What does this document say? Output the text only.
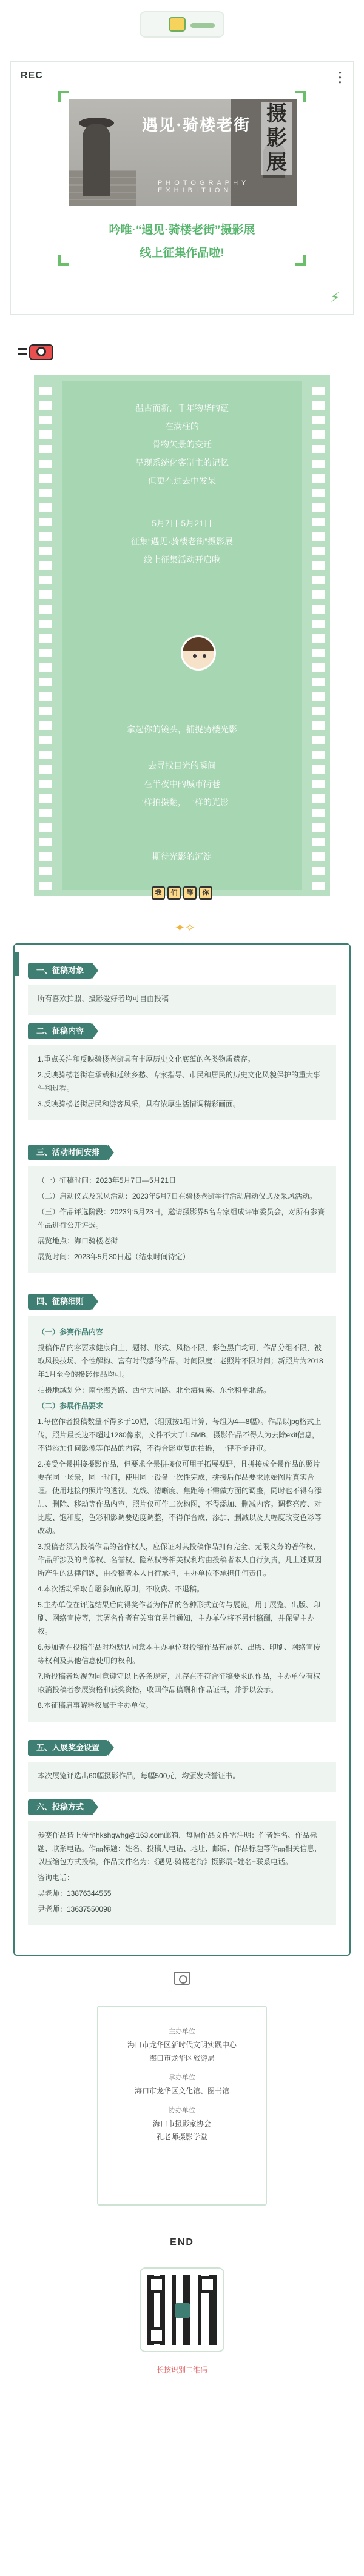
REC	●
●
●
遇见·骑楼老街 摄影展
PHOTOGRAPHY EXHIBITION
吟唯·“遇见·骑楼老街”摄影展
线上征集作品啦!
⚡
温古而新，千年物华的蕴
在满柱的
骨物矢景的变迁
呈现系统化客制主的记忆
但更在过去中发呆
5月7日-5月21日
征集“遇见·骑楼老街”摄影展
线上征集活动开启啦
拿起你的镜头，捕捉骑楼光影
去寻找目光的瞬间
在半夜中的城市街巷
一样拍摄翻，一样的光影
期待光影的沉淀
我 们 等 你
✦✧
一、征稿对象

所有喜欢拍照、摄影爱好者均可自由投稿

二、征稿内容

1.重点关注和反映骑楼老街具有丰厚历史文化底蕴的各类物质遗存。

2.反映骑楼老街在承载和延续乡愁、专家指导、市民和居民的历史文化风貌保护的重大事件和过程。

3.反映骑楼老街居民和游客风采，具有浓厚生活情调精彩画面。

三、活动时间安排

（一）征稿时间：2023年5月7日—5月21日

（二）启动仪式及采风活动：2023年5月7日在骑楼老街举行活动启动仪式及采风活动。

（三）作品评选阶段：2023年5月23日，邀请摄影界5名专家组成评审委员会，对所有参赛作品进行公开评选。

展览地点：海口骑楼老街

展览时间：2023年5月30日起（结束时间待定）

四、征稿细则

（一）参赛作品内容

投稿作品内容要求健康向上，题材、形式、风格不限，彩色黑白均可，作品分组不限，被取风投技场、个性解构、富有时代感的作品。时间限度：老照片不限时间；新照片为2018年1月至今的摄影作品均可。

拍摄地域划分：南至海秀路、西至大同路、北至海甸溪、东至和平北路。

（二）参展作品要求

1.每位作者投稿数量不得多于10幅，（组照按1组计算，每组为4—8幅）。作品以jpg格式上传，照片最长边不超过1280像素，文件不大于1.5MB，摄影作品不得人为去除exif信息，不得添加任何影像等作品的内容，不得合影重复的拍摄，一律不予评审。

2.接受全景拼接摄影作品，但要求全景拼接仅可用于拓展视野，且拼接成全景作品的照片要在同一场景，同一时间，使用同一设备一次性完成，拼接后作品要求原始图片真实合理。使用地接的照片的透视、光线、清晰度、焦距等不需做方面的调整，同时也不得有添加、删除、移动等作品内容，照片仅可作二次构图，不得添加、删减内容。调整亮度、对比度、饱和度，色彩和影调要适度调整，不得作合成、添加、删减以及大幅度改变色彩等改动。

3.投稿者须为投稿作品的著作权人，应保证对其投稿作品拥有完全、无限义务的著作权，作品所涉及的肖像权、名誉权、隐私权等相关权利均由投稿者本人自行负责，凡上述原因所产生的法律问题，由投稿者本人自行承担，主办单位不承担任何责任。

4.本次活动采取自愿参加的原则，不收费、不退稿。

5.主办单位在评选结果后向得奖作者为作品的各种形式宣传与展览，用于展览、出版、印刷、网络宣传等，其署名作者有关事宜另行通知，主办单位将不另付稿酬，并保留主办权。

6.参加者在投稿作品时均默认同意本主办单位对投稿作品有展览、出版、印刷、网络宣传等权利及其他信息使用的权利。

7.所投稿者均视为同意遵守以上各条规定，凡存在不符合征稿要求的作品，主办单位有权取消投稿者参展资格和获奖资格，收回作品稿酬和作品证书，并予以公示。

8.本征稿启事解释权属于主办单位。

五、入展奖金设置

本次展览评选出60幅摄影作品，每幅500元，均颁发荣誉证书。

六、投稿方式

参赛作品请上传至hkshqwhg@163.com邮箱，每幅作品文件需注明：作者姓名、作品标题、联系电话。作品标题：姓名、投稿人电话、地址、邮编、作品标题等作品相关信息，以压缩包方式投稿，作品文件名为：《遇见·骑楼老街》摄影展+姓名+联系电话。

咨询电话：

吴老师：13876344555

尹老师：13637550098

主办单位
海口市龙华区新时代文明实践中心
海口市龙华区旅游局
承办单位
海口市龙华区文化馆、图书馆
协办单位
海口市摄影家协会
孔老师摄影学堂
END
长按识别二维码
